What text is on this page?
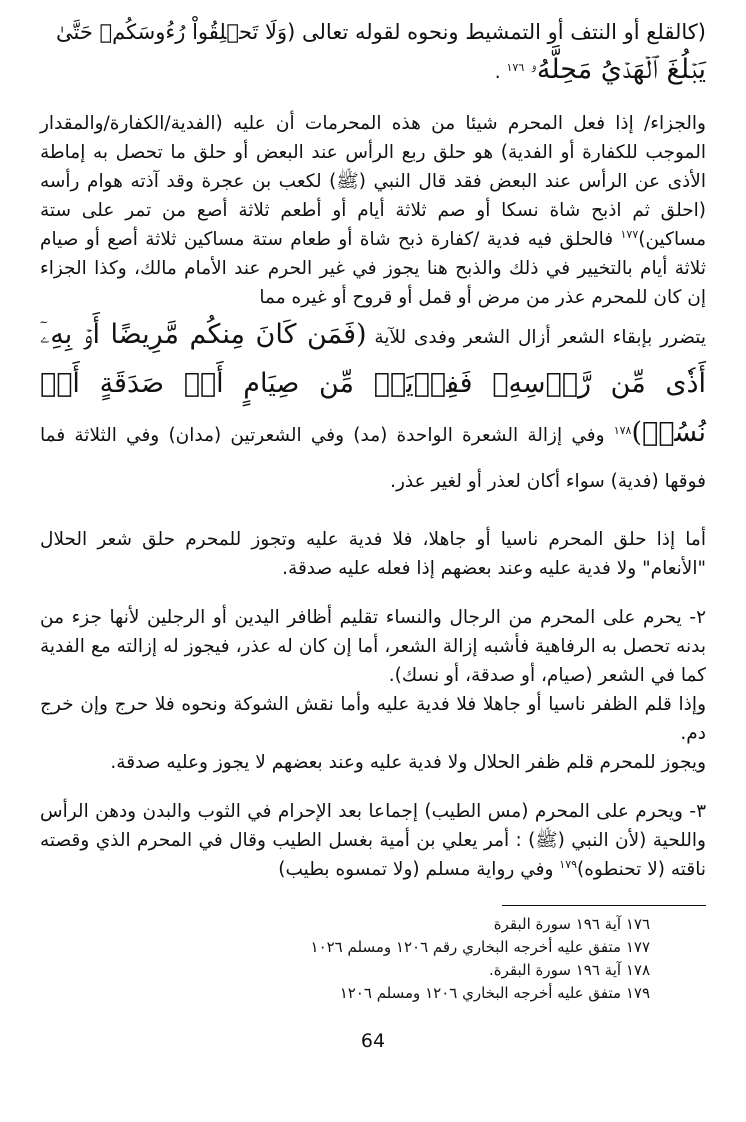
(كالقلع أو النتف أو التمشيط ونحوه لقوله تعالى (وَلَا تَحۡلِقُواْ رُءُوسَكُمۡ حَتَّىٰ

يَبۡلُغَ ٱلۡهَدۡيُ مَحِلَّهُۥ $^{١٧٦}$ .

والجزاء/ إذا فعل المحرم شيئا من هذه المحرمات أن عليه (الفدية/الكفارة/والمقدار الموجب للكفارة أو الفدية) هو حلق ربع الرأس عند البعض أو حلق ما تحصل به إماطة الأذى عن الرأس عند البعض فقد قال النبي (ﷺ) لكعب بن عجرة وقد آذته هوام رأسه (احلق ثم اذبح شاة نسكا أو صم ثلاثة أيام أو أطعم ثلاثة أصع من تمر على ستة مساكين)$^{١٧٧}$ فالحلق فيه فدية /كفارة ذبح شاة أو طعام ستة مساكين ثلاثة أصع أو صيام ثلاثة أيام بالتخيير في ذلك والذبح هنا يجوز في غير الحرم عند الأمام مالك، وكذا الجزاء إن كان للمحرم عذر من مرض أو قمل أو قروح أو غيره مما

يتضرر بإبقاء الشعر أزال الشعر وفدى للآية (فَمَن كَانَ مِنكُم مَّرِيضًا أَوۡ بِهِۦٓ أَذٗى مِّن رَّأۡسِهِۦ فَفِدۡيَةٞ مِّن صِيَامٍ أَوۡ صَدَقَةٍ أَوۡ نُسُكٖ)$^{١٧٨}$ وفي إزالة الشعرة الواحدة (مد) وفي الشعرتين (مدان) وفي الثلاثة فما فوقها (فدية) سواء أكان لعذر أو لغير عذر.

أما إذا حلق المحرم ناسيا أو جاهلا، فلا فدية عليه وتجوز للمحرم حلق شعر الحلال "الأنعام" ولا فدية عليه وعند بعضهم إذا فعله عليه صدقة.

٢- يحرم على المحرم من الرجال والنساء تقليم أظافر اليدين أو الرجلين لأنها جزء من بدنه تحصل به الرفاهية فأشبه إزالة الشعر، أما إن كان له عذر، فيجوز له إزالته مع الفدية كما في الشعر (صيام، أو صدقة، أو نسك).

وإذا قلم الظفر ناسيا أو جاهلا فلا فدية عليه وأما نقش الشوكة ونحوه فلا حرج وإن خرج دم.

ويجوز للمحرم قلم ظفر الحلال ولا فدية عليه وعند بعضهم لا يجوز وعليه صدقة.

٣- ويحرم على المحرم (مس الطيب) إجماعا بعد الإحرام في الثوب والبدن ودهن الرأس واللحية (لأن النبي (ﷺ) : أمر يعلي بن أمية بغسل الطيب وقال في المحرم الذي وقصته ناقته (لا تحنطوه)$^{١٧٩}$ وفي رواية مسلم (ولا تمسوه بطيب)

١٧٦ آية ١٩٦ سورة البقرة

١٧٧ متفق عليه أخرجه البخاري رقم ١٢٠٦ ومسلم ١٠٢٦

١٧٨ آية ١٩٦ سورة البقرة.

١٧٩ متفق عليه أخرجه البخاري ١٢٠٦ ومسلم ١٢٠٦

64
